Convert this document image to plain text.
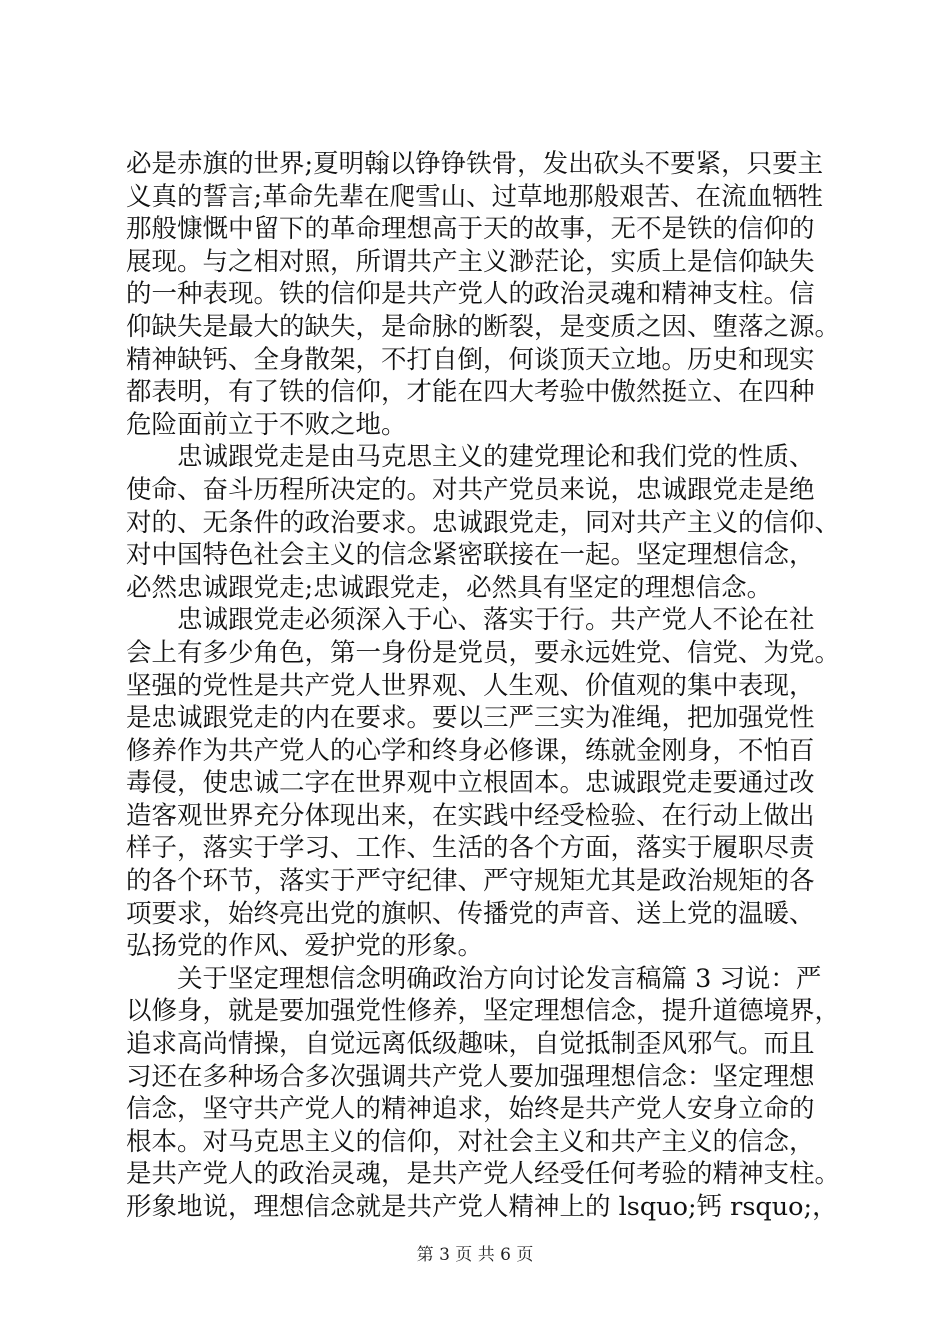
必是赤旗的世界;夏明翰以铮铮铁骨，发出砍头不要紧，只要主
义真的誓言;革命先辈在爬雪山、过草地那般艰苦、在流血牺牲
那般慷慨中留下的革命理想高于天的故事，无不是铁的信仰的
展现。与之相对照，所谓共产主义渺茫论，实质上是信仰缺失
的一种表现。铁的信仰是共产党人的政治灵魂和精神支柱。信
仰缺失是最大的缺失，是命脉的断裂，是变质之因、堕落之源。
精神缺钙、全身散架，不打自倒，何谈顶天立地。历史和现实
都表明，有了铁的信仰，才能在四大考验中傲然挺立、在四种
危险面前立于不败之地。
　　忠诚跟党走是由马克思主义的建党理论和我们党的性质、
使命、奋斗历程所决定的。对共产党员来说，忠诚跟党走是绝
对的、无条件的政治要求。忠诚跟党走，同对共产主义的信仰、
对中国特色社会主义的信念紧密联接在一起。坚定理想信念，
必然忠诚跟党走;忠诚跟党走，必然具有坚定的理想信念。
　　忠诚跟党走必须深入于心、落实于行。共产党人不论在社
会上有多少角色，第一身份是党员，要永远姓党、信党、为党。
坚强的党性是共产党人世界观、人生观、价值观的集中表现，
是忠诚跟党走的内在要求。要以三严三实为准绳，把加强党性
修养作为共产党人的心学和终身必修课，练就金刚身，不怕百
毒侵，使忠诚二字在世界观中立根固本。忠诚跟党走要通过改
造客观世界充分体现出来，在实践中经受检验、在行动上做出
样子，落实于学习、工作、生活的各个方面，落实于履职尽责
的各个环节，落实于严守纪律、严守规矩尤其是政治规矩的各
项要求，始终亮出党的旗帜、传播党的声音、送上党的温暖、
弘扬党的作风、爱护党的形象。
　　关于坚定理想信念明确政治方向讨论发言稿篇 3 习说：严
以修身，就是要加强党性修养，坚定理想信念，提升道德境界，
追求高尚情操，自觉远离低级趣味，自觉抵制歪风邪气。而且
习还在多种场合多次强调共产党人要加强理想信念：坚定理想
信念，坚守共产党人的精神追求，始终是共产党人安身立命的
根本。对马克思主义的信仰，对社会主义和共产主义的信念，
是共产党人的政治灵魂，是共产党人经受任何考验的精神支柱。
形象地说，理想信念就是共产党人精神上的 lsquo;钙 rsquo;，
第 3 页 共 6 页
